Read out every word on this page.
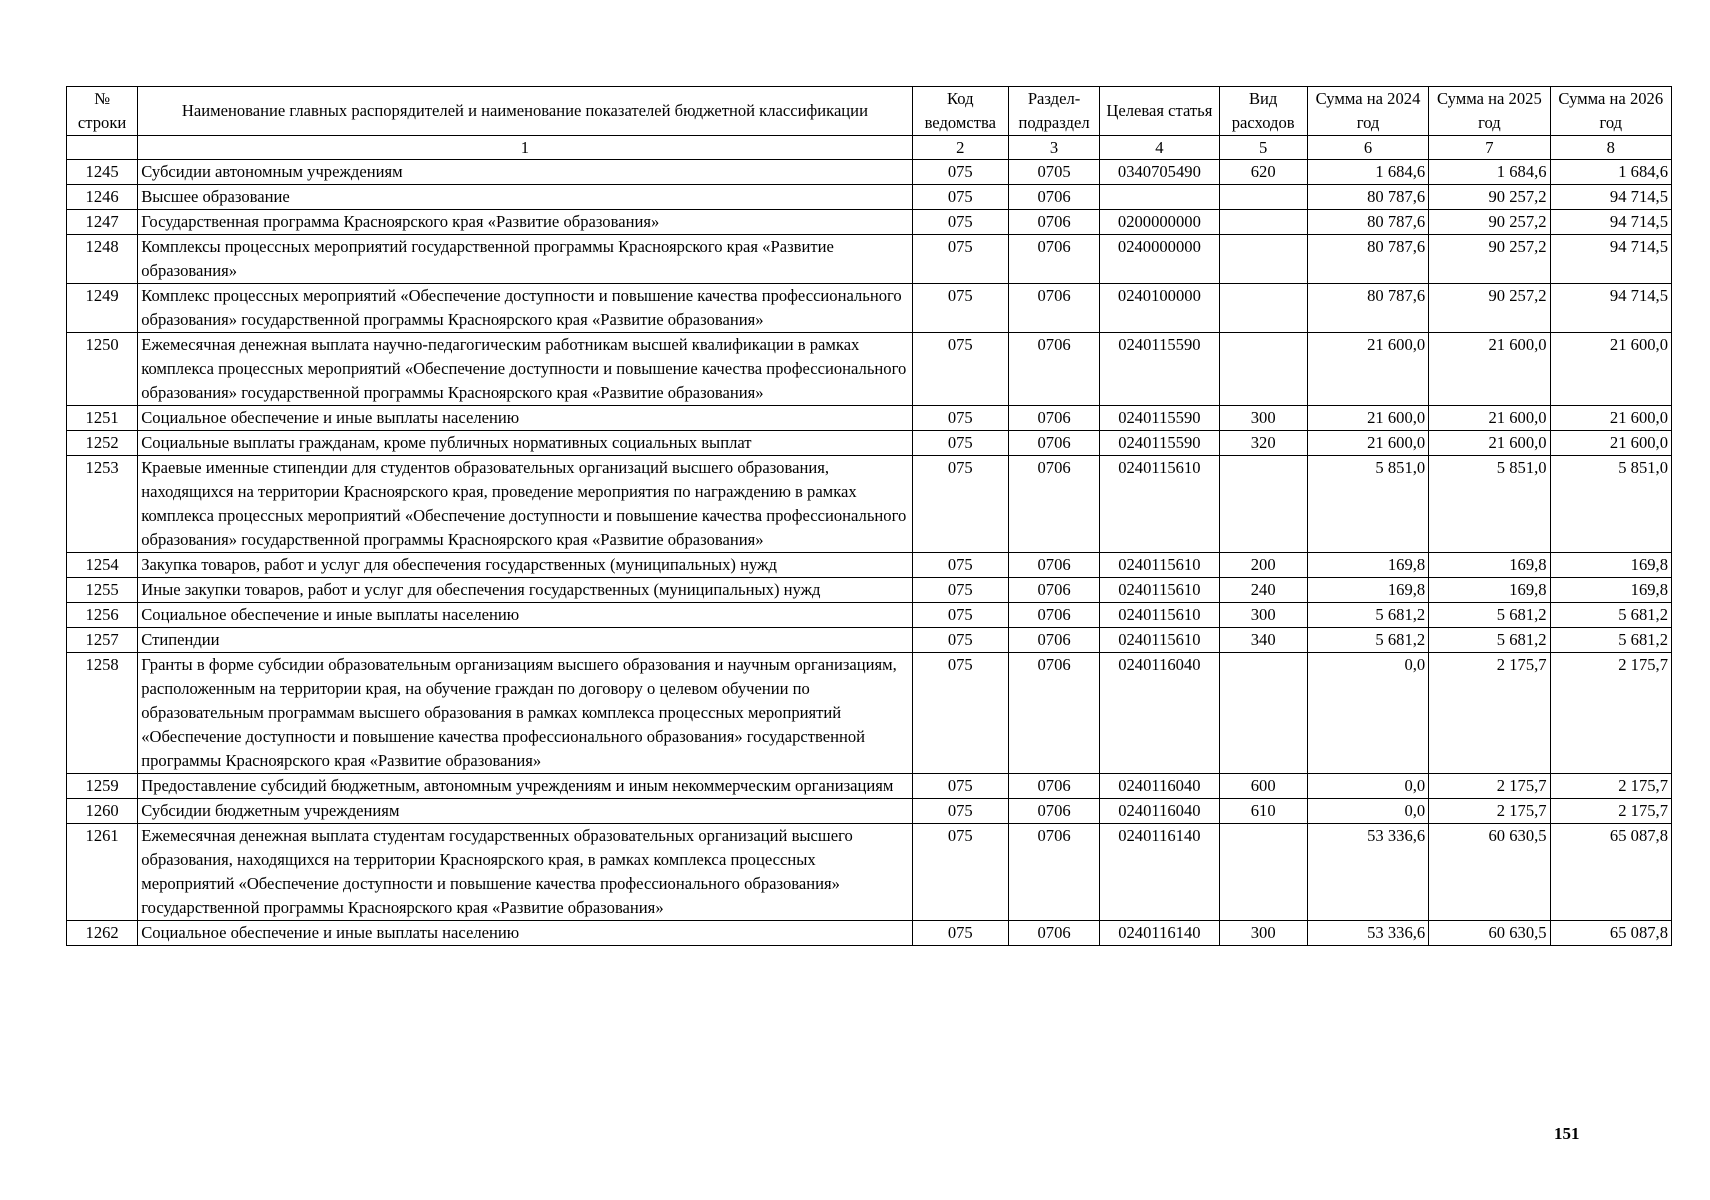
№ строки	Наименование главных распорядителей и наименование показателей бюджетной классификации	Код ведомства	Раздел-подраздел	Целевая статья	Вид расходов	Сумма на 2024 год	Сумма на 2025 год	Сумма на 2026 год
	1	2	3	4	5	6	7	8
1245	Субсидии автономным учреждениям	075	0705	0340705490	620	1 684,6	1 684,6	1 684,6
1246	Высшее образование	075	0706			80 787,6	90 257,2	94 714,5
1247	Государственная программа Красноярского края «Развитие образования»	075	0706	0200000000		80 787,6	90 257,2	94 714,5
1248	Комплексы процессных мероприятий государственной программы Красноярского края «Развитие образования»	075	0706	0240000000		80 787,6	90 257,2	94 714,5
1249	Комплекс процессных мероприятий «Обеспечение доступности и повышение качества профессионального образования» государственной программы Красноярского края «Развитие образования»	075	0706	0240100000		80 787,6	90 257,2	94 714,5
1250	Ежемесячная денежная выплата научно-педагогическим работникам высшей квалификации в рамках комплекса процессных мероприятий «Обеспечение доступности и повышение качества профессионального образования» государственной программы Красноярского края «Развитие образования»	075	0706	0240115590		21 600,0	21 600,0	21 600,0
1251	Социальное обеспечение и иные выплаты населению	075	0706	0240115590	300	21 600,0	21 600,0	21 600,0
1252	Социальные выплаты гражданам, кроме публичных нормативных социальных выплат	075	0706	0240115590	320	21 600,0	21 600,0	21 600,0
1253	Краевые именные стипендии для студентов образовательных организаций высшего образования, находящихся на территории Красноярского края, проведение мероприятия по награждению в рамках комплекса процессных мероприятий «Обеспечение доступности и повышение качества профессионального образования» государственной программы Красноярского края «Развитие образования»	075	0706	0240115610		5 851,0	5 851,0	5 851,0
1254	Закупка товаров, работ и услуг для обеспечения государственных (муниципальных) нужд	075	0706	0240115610	200	169,8	169,8	169,8
1255	Иные закупки товаров, работ и услуг для обеспечения государственных (муниципальных) нужд	075	0706	0240115610	240	169,8	169,8	169,8
1256	Социальное обеспечение и иные выплаты населению	075	0706	0240115610	300	5 681,2	5 681,2	5 681,2
1257	Стипендии	075	0706	0240115610	340	5 681,2	5 681,2	5 681,2
1258	Гранты в форме субсидии образовательным организациям высшего образования и научным организациям, расположенным на территории края, на обучение граждан по договору о целевом обучении по образовательным программам высшего образования в рамках комплекса процессных мероприятий «Обеспечение доступности и повышение качества профессионального образования» государственной программы Красноярского края «Развитие образования»	075	0706	0240116040		0,0	2 175,7	2 175,7
1259	Предоставление субсидий бюджетным, автономным учреждениям и иным некоммерческим организациям	075	0706	0240116040	600	0,0	2 175,7	2 175,7
1260	Субсидии бюджетным учреждениям	075	0706	0240116040	610	0,0	2 175,7	2 175,7
1261	Ежемесячная денежная выплата студентам государственных образовательных организаций высшего образования, находящихся на территории Красноярского края, в рамках комплекса процессных мероприятий «Обеспечение доступности и повышение качества профессионального образования» государственной программы Красноярского края «Развитие образования»	075	0706	0240116140		53 336,6	60 630,5	65 087,8
1262	Социальное обеспечение и иные выплаты населению	075	0706	0240116140	300	53 336,6	60 630,5	65 087,8
151
